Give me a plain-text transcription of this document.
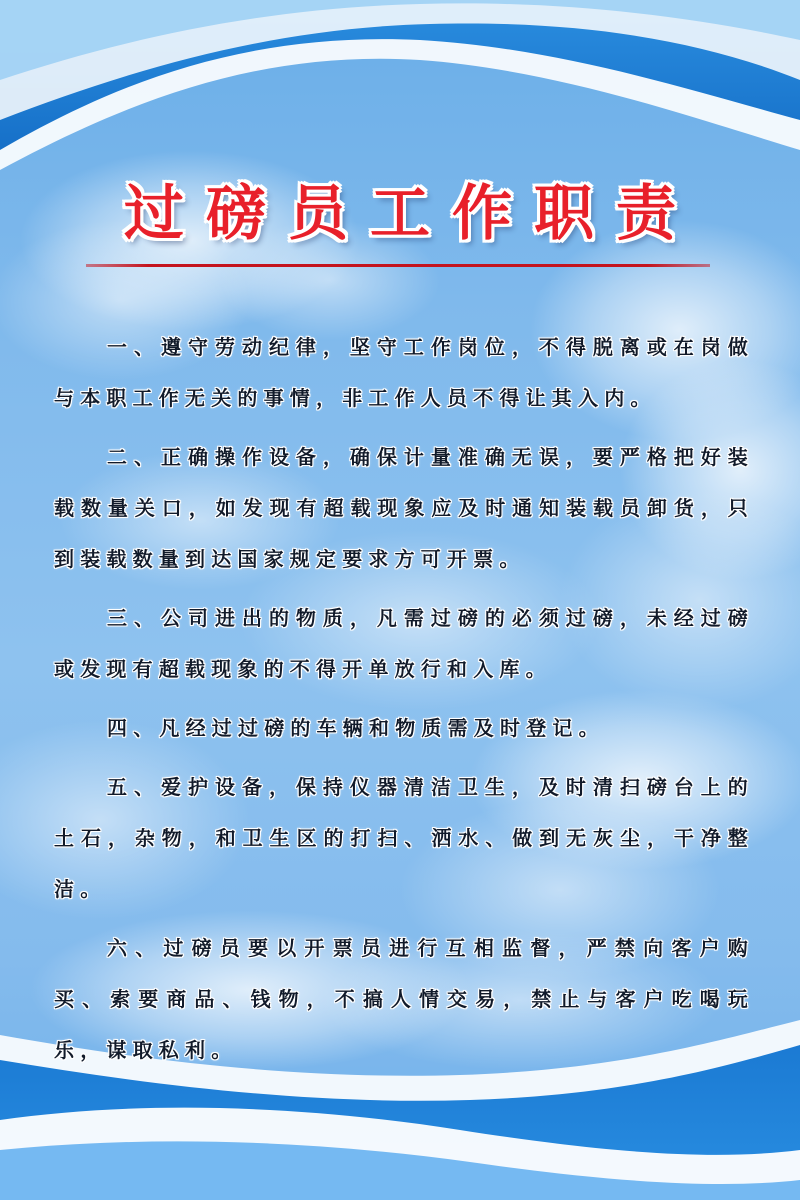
过磅员工作职责

一、遵守劳动纪律，坚守工作岗位，不得脱离或在岗做与本职工作无关的事情，非工作人员不得让其入内。

二、正确操作设备，确保计量准确无误，要严格把好装载数量关口，如发现有超载现象应及时通知装载员卸货，只到装载数量到达国家规定要求方可开票。

三、公司进出的物质，凡需过磅的必须过磅，未经过磅或发现有超载现象的不得开单放行和入库。

四、凡经过过磅的车辆和物质需及时登记。

五、爱护设备，保持仪器清洁卫生，及时清扫磅台上的土石，杂物，和卫生区的打扫、洒水、做到无灰尘，干净整洁。

六、过磅员要以开票员进行互相监督，严禁向客户购买、索要商品、钱物，不搞人情交易，禁止与客户吃喝玩乐，谋取私利。
